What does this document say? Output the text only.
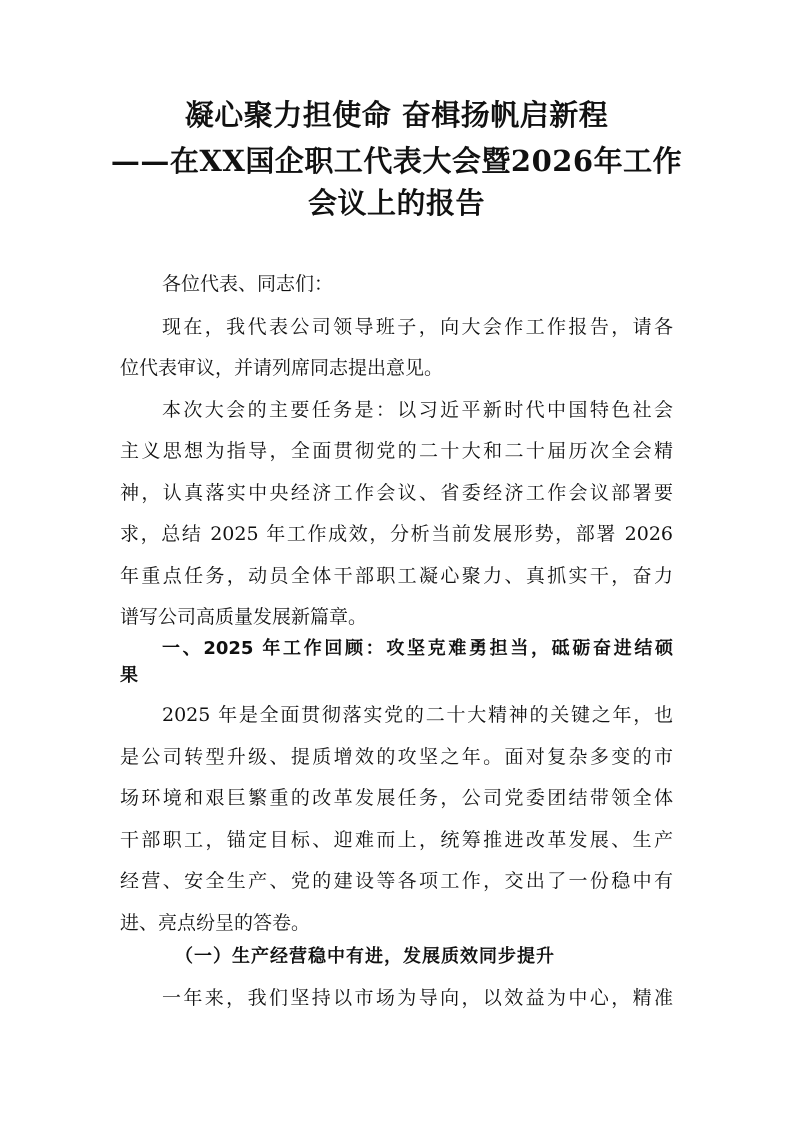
凝心聚力担使命 奋楫扬帆启新程
——在XX国企职工代表大会暨2026年工作
会议上的报告
各位代表、同志们：
现在，我代表公司领导班子，向大会作工作报告，请各
位代表审议，并请列席同志提出意见。
本次大会的主要任务是：以习近平新时代中国特色社会
主义思想为指导，全面贯彻党的二十大和二十届历次全会精
神，认真落实中央经济工作会议、省委经济工作会议部署要
求，总结 2025 年工作成效，分析当前发展形势，部署 2026
年重点任务，动员全体干部职工凝心聚力、真抓实干，奋力
谱写公司高质量发展新篇章。
一、2025 年工作回顾：攻坚克难勇担当，砥砺奋进结硕
果
2025 年是全面贯彻落实党的二十大精神的关键之年，也
是公司转型升级、提质增效的攻坚之年。面对复杂多变的市
场环境和艰巨繁重的改革发展任务，公司党委团结带领全体
干部职工，锚定目标、迎难而上，统筹推进改革发展、生产
经营、安全生产、党的建设等各项工作，交出了一份稳中有
进、亮点纷呈的答卷。
（一）生产经营稳中有进，发展质效同步提升
一年来，我们坚持以市场为导向，以效益为中心，精准
